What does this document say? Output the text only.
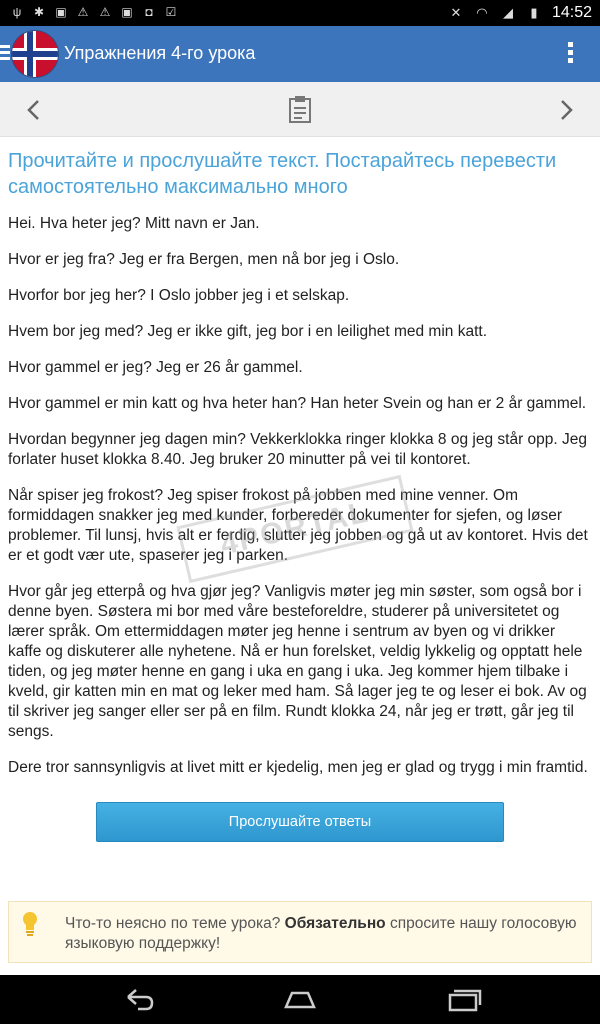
ψ ✱ ▣ ⚠ ⚠ ▣ ◘ ☑	✕ ◠ ◢	▮ 14:52
Упражнения 4-го урока
Прочитайте и прослушайте текст. Постарайтесь перевести самостоятельно максимально много

Hei. Hva heter jeg? Mitt navn er Jan.

Hvor er jeg fra? Jeg er fra Bergen, men nå bor jeg i Oslo.

Hvorfor bor jeg her? I Oslo jobber jeg i et selskap.

Hvem bor jeg med? Jeg er ikke gift, jeg bor i en leilighet med min katt.

Hvor gammel er jeg? Jeg er 26 år gammel.

Hvor gammel er min katt og hva heter han? Han heter Svein og han er 2 år gammel.

Hvordan begynner jeg dagen min? Vekkerklokka ringer klokka 8 og jeg står opp. Jeg forlater huset klokka 8.40. Jeg bruker 20 minutter på vei til kontoret.

Når spiser jeg frokost? Jeg spiser frokost på jobben med mine venner. Om formiddagen snakker jeg med kunder, forbereder dokumenter for sjefen, og løser problemer. Til lunsj, hvis alt er ferdig, slutter jeg jobben og gå ut av kontoret. Hvis det er et godt vær ute, spaserer jeg i parken.

Hvor går jeg etterpå og hva gjør jeg? Vanligvis møter jeg min søster, som også bor i denne byen. Søstera mi bor med våre besteforeldre, studerer på universitetet og lærer språk. Om ettermiddagen møter jeg henne i sentrum av byen og vi drikker kaffe og diskuterer alle nyhetene. Nå er hun forelsket, veldig lykkelig og opptatt hele tiden, og jeg møter henne en gang i uka en gang i uka. Jeg kommer hjem tilbake i kveld, gir katten min en mat og leker med ham. Så lager jeg te og leser ei bok. Av og til skriver jeg sanger eller ser på en film. Rundt klokka 24, når jeg er trøtt, går jeg til sengs.

Dere tror sannsynligvis at livet mitt er kjedelig, men jeg er glad og trygg i min framtid.

Прослушайте ответы
Что-то неясно по теме урока? Обязательно спросите нашу голосовую языковую поддержку!
4PORTAL
